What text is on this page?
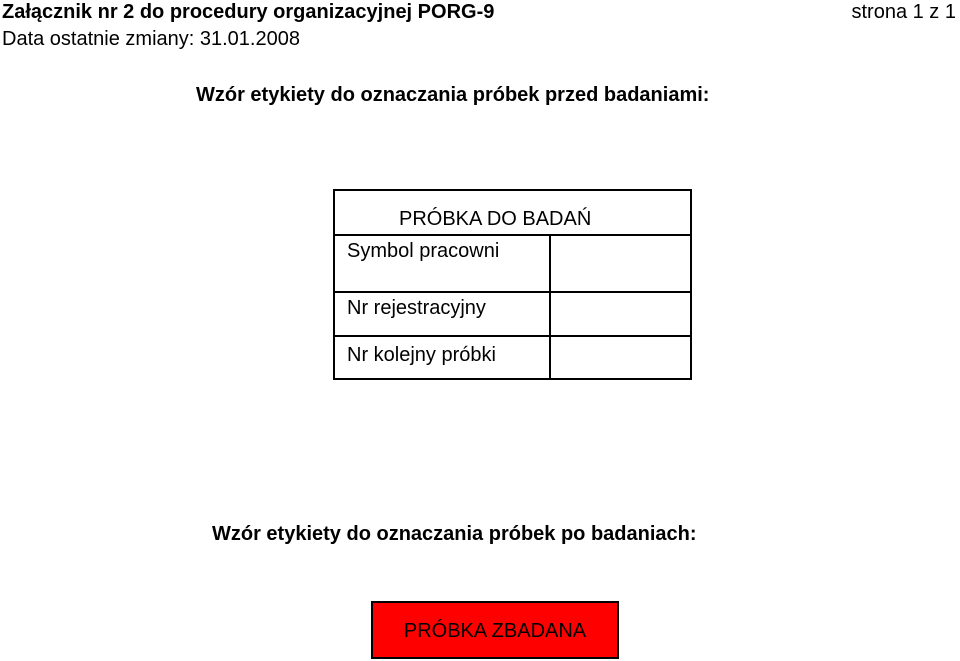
Załącznik nr 2 do procedury organizacyjnej PORG-9
Data ostatnie zmiany: 31.01.2008
strona 1 z 1
Wzór etykiety do oznaczania próbek przed badaniami:
PRÓBKA DO BADAŃ
Symbol pracowni
Nr rejestracyjny
Nr kolejny próbki
Wzór etykiety do oznaczania próbek po badaniach:
PRÓBKA ZBADANA
